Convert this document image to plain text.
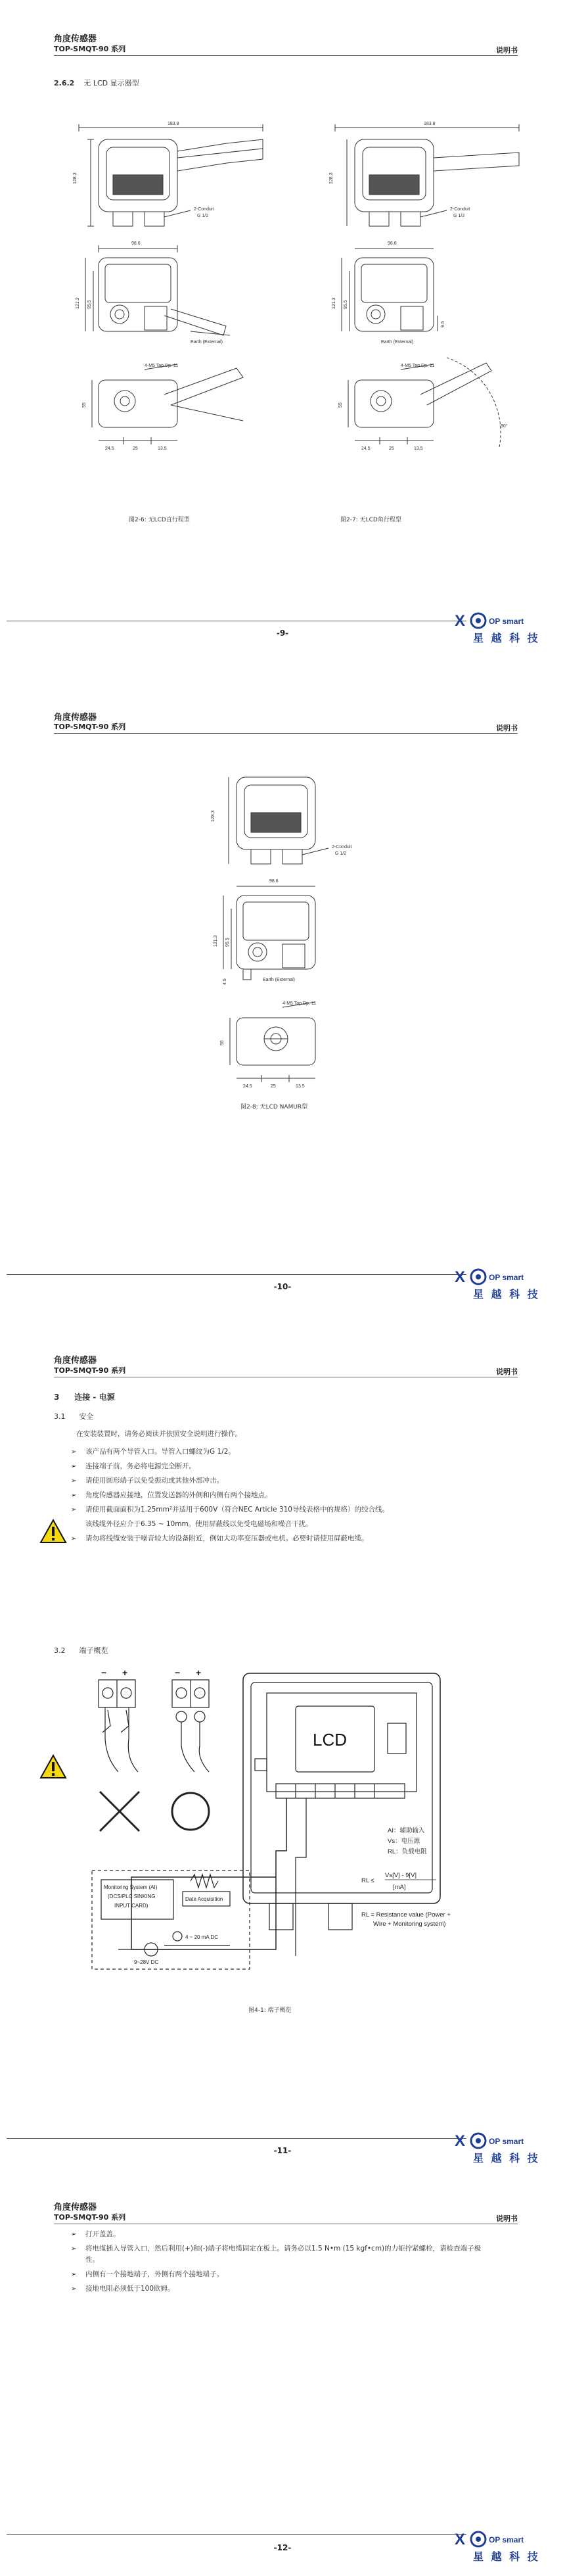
角度传感器
TOP-SMQT-90 系列	说明书
2.6.2 无 LCD 显示器型
183.8
128.3
2-Conduit
G 1/2
98.6
121.3 95.5
Earth (External)
4-M5 Tap Dp. 11
55
24.5	25	13.5
183.8
128.3
2-Conduit
G 1/2
98.6
121.3 95.5
9.5
Earth (External)
4-M5 Tap Dp. 11
55
90°
24.5	25	13.5
图2-6: 无LCD直行程型	图2-7: 无LCD角行程型
-9-
X	OP smart
星 越 科 技
角度传感器
TOP-SMQT-90 系列	说明书
128.3
2-Conduit
G 1/2
98.6
121.3 95.5
4.5	Earth (External)
4-M5 Tap Dp. 11
55
24.5	25	13.5
图2-8: 无LCD NAMUR型
-10-
X	OP smart
星 越 科 技
角度传感器
TOP-SMQT-90 系列	说明书
3 连接 - 电源
3.1 安全
在安装装置时，请务必阅读并依照安全说明进行操作。
➢	该产品有两个导管入口。导管入口螺纹为G 1/2。
➢	连接端子前，务必将电源完全断开。
➢	请使用圆形端子以免受振动或其他外部冲击。
➢	角度传感器应接地，位置发送器的外侧和内侧有两个接地点。
➢	请使用截面面积为1.25mm²并适用于600V（符合NEC Article 310导线表格中的规格）的绞合线。

该线缆外径应介于6.35 ~ 10mm。使用屏蔽线以免受电磁场和噪音干扰。
➢	请勿将线缆安装于噪音较大的设备附近，例如大功率变压器或电机。必要时请使用屏蔽电缆。
3.2 端子概览
− +	− +
LCD
AI：辅助输入
Vs：电压源
RL：负载电阻
RL ≤
Vs[V] - 9[V]
[mA]
RL = Resistance value (Power +
Wire + Monitoring system)
Monitoring System (AI)
(DCS/PLC SINKING
INPUT CARD)
Date Acquisition
4 ~ 20 mA DC
9~28V DC
图4-1: 端子概览
-11-
X	OP smart
星 越 科 技
角度传感器
TOP-SMQT-90 系列	说明书
➢	打开盖盖。
➢	将电缆插入导管入口，然后利用(+)和(-)端子将电缆固定在板上。请务必以1.5 N•m (15 kgf•cm)的力矩拧紧螺栓，请检查端子极性。
➢	内侧有一个接地端子，外侧有两个接地端子。
➢	接地电阻必须低于100欧姆。
-12-	X	OP smart
星 越 科 技
